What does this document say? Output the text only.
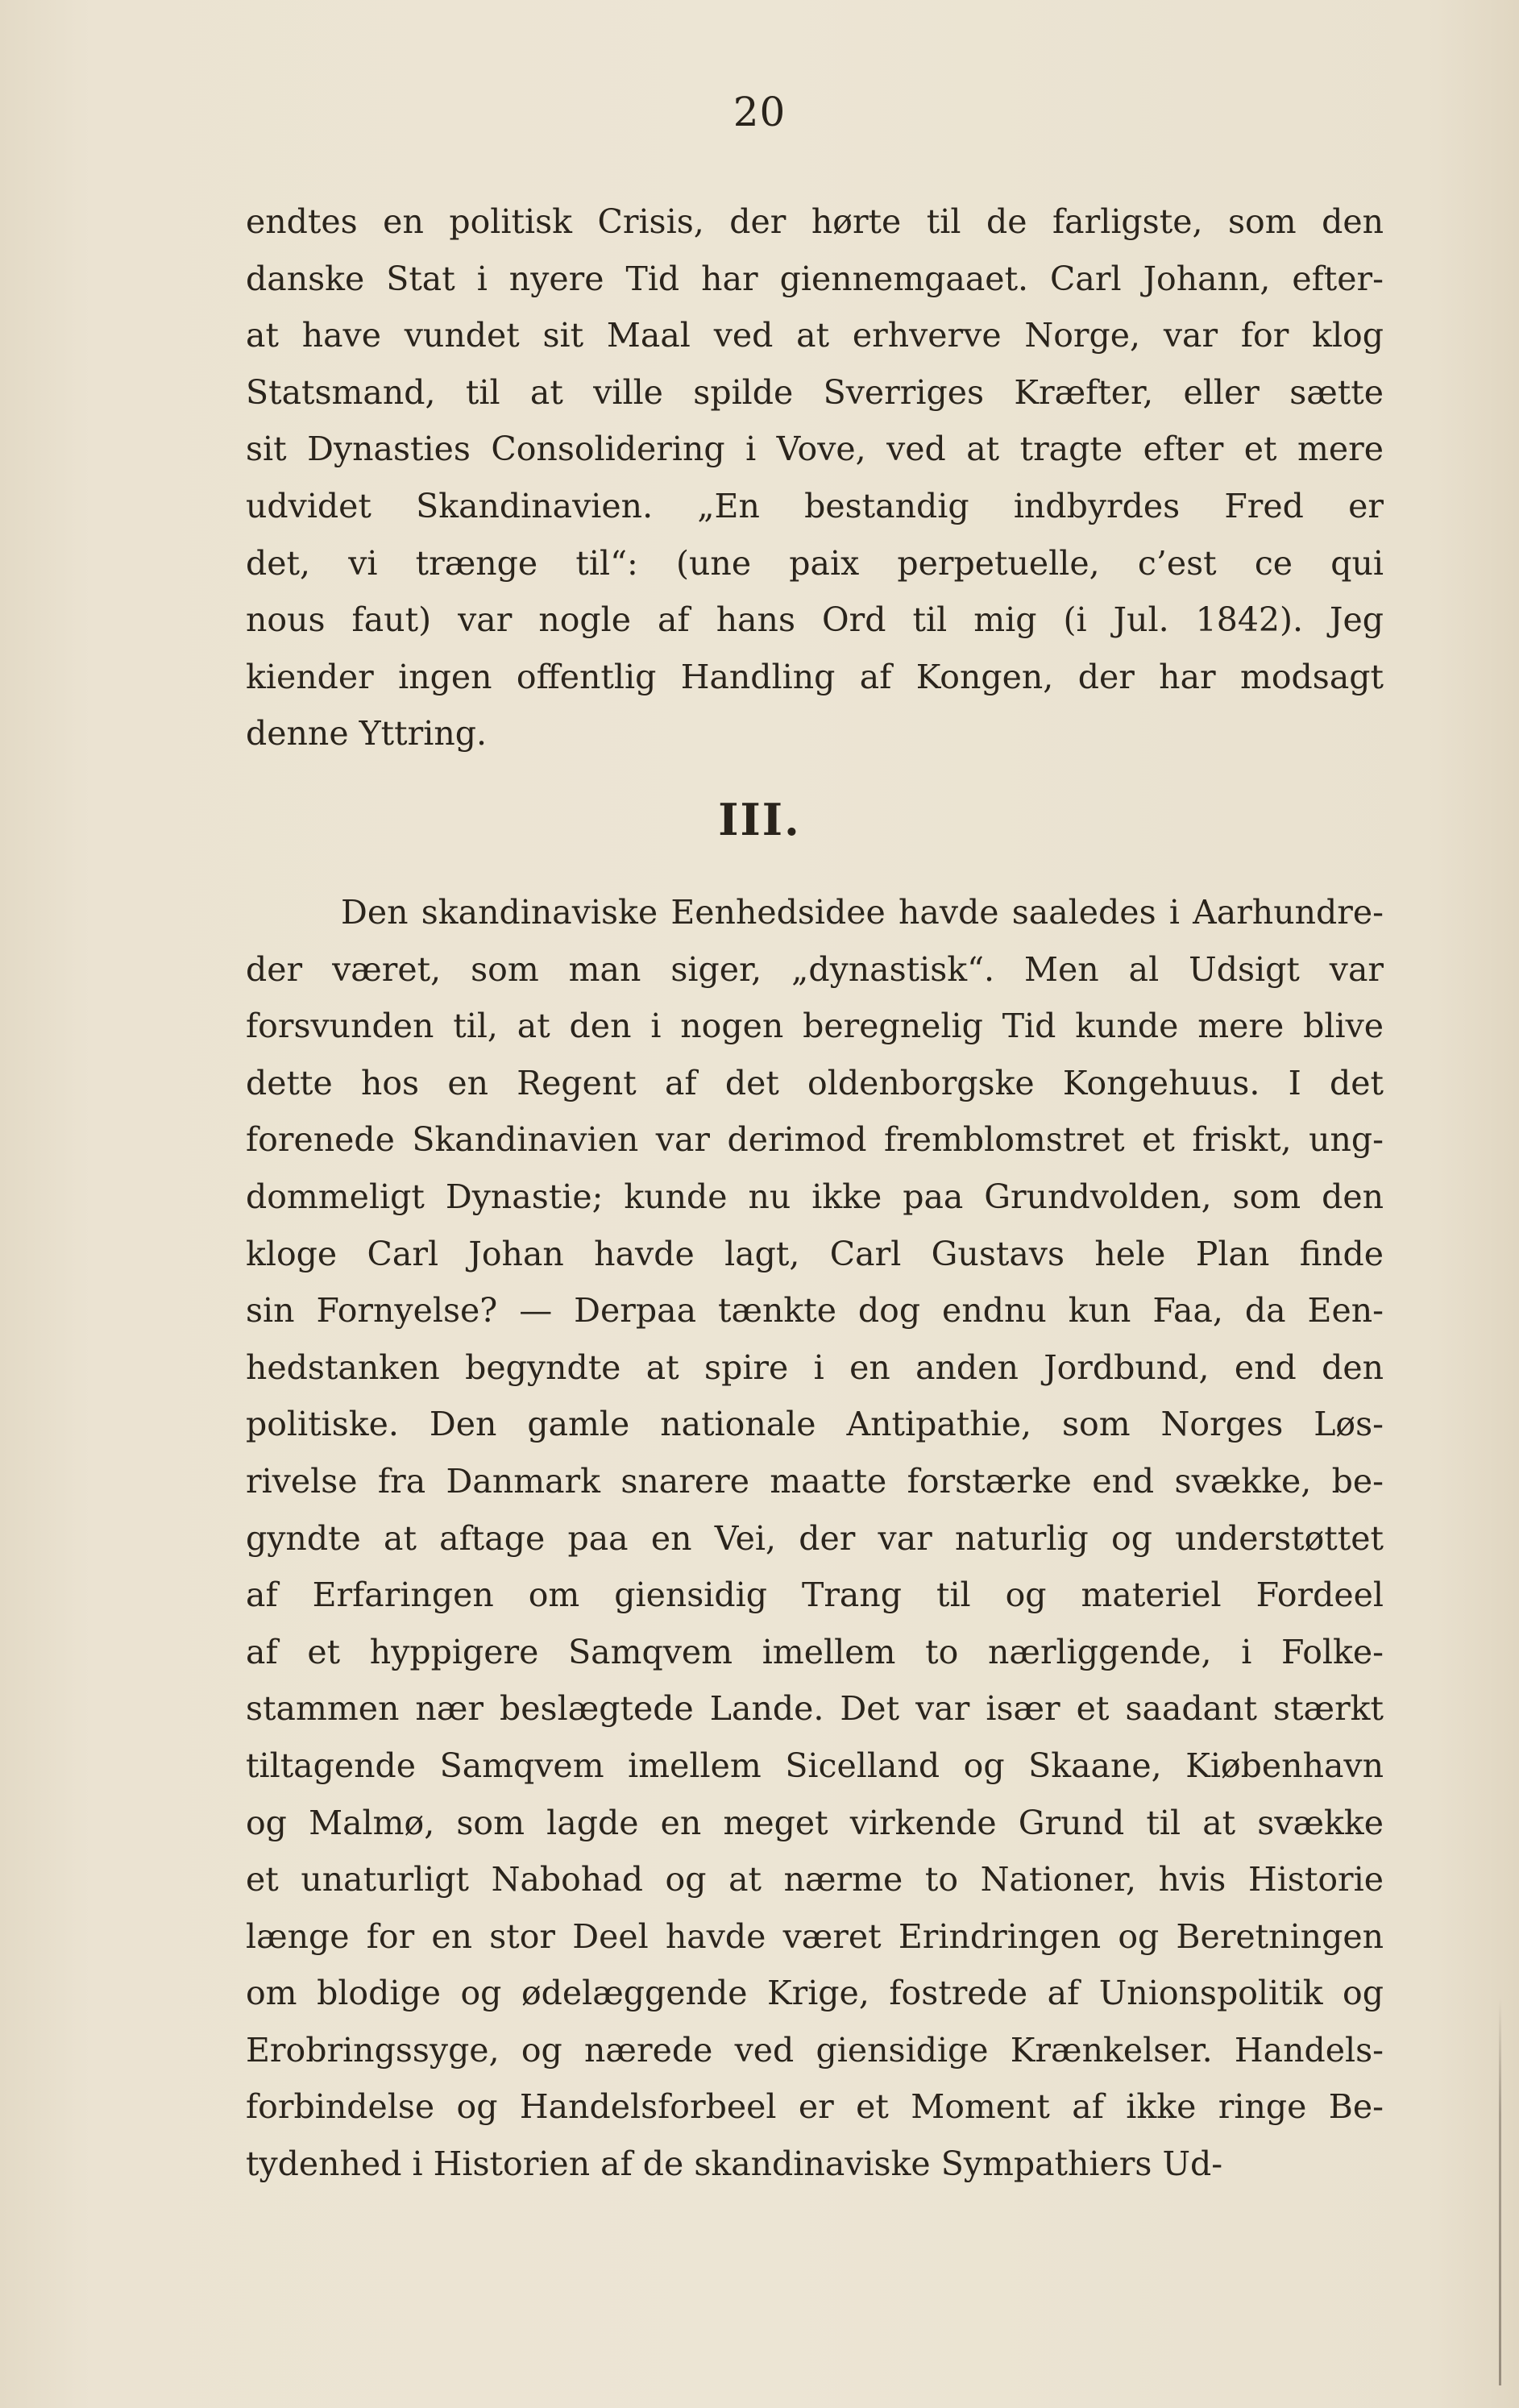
20
endtes en politisk Crisis, der hørte til de farligste, som den
danske Stat i nyere Tid har giennemgaaet. Carl Johann, efter-
at have vundet sit Maal ved at erhverve Norge, var for klog
Statsmand, til at ville spilde Sverriges Kræfter, eller sætte
sit Dynasties Consolidering i Vove, ved at tragte efter et mere
udvidet Skandinavien. „En bestandig indbyrdes Fred er
det, vi trænge til“: (une paix perpetuelle, c’est ce qui
nous faut) var nogle af hans Ord til mig (i Jul. 1842). Jeg
kiender ingen offentlig Handling af Kongen, der har modsagt
denne Yttring.
III.
Den skandinaviske Eenhedsidee havde saaledes i Aarhundre-
der været, som man siger, „dynastisk“. Men al Udsigt var
forsvunden til, at den i nogen beregnelig Tid kunde mere blive
dette hos en Regent af det oldenborgske Kongehuus. I det
forenede Skandinavien var derimod fremblomstret et friskt, ung-
dommeligt Dynastie; kunde nu ikke paa Grundvolden, som den
kloge Carl Johan havde lagt, Carl Gustavs hele Plan finde
sin Fornyelse? — Derpaa tænkte dog endnu kun Faa, da Een-
hedstanken begyndte at spire i en anden Jordbund, end den
politiske. Den gamle nationale Antipathie, som Norges Løs-
rivelse fra Danmark snarere maatte forstærke end svække, be-
gyndte at aftage paa en Vei, der var naturlig og understøttet
af Erfaringen om giensidig Trang til og materiel Fordeel
af et hyppigere Samqvem imellem to nærliggende, i Folke-
stammen nær beslægtede Lande. Det var især et saadant stærkt
tiltagende Samqvem imellem Sicelland og Skaane, Kiøbenhavn
og Malmø, som lagde en meget virkende Grund til at svække
et unaturligt Nabohad og at nærme to Nationer, hvis Historie
længe for en stor Deel havde været Erindringen og Beretningen
om blodige og ødelæggende Krige, fostrede af Unionspolitik og
Erobringssyge, og nærede ved giensidige Krænkelser. Handels-
forbindelse og Handelsforbeel er et Moment af ikke ringe Be-
tydenhed i Historien af de skandinaviske Sympathiers Ud-
